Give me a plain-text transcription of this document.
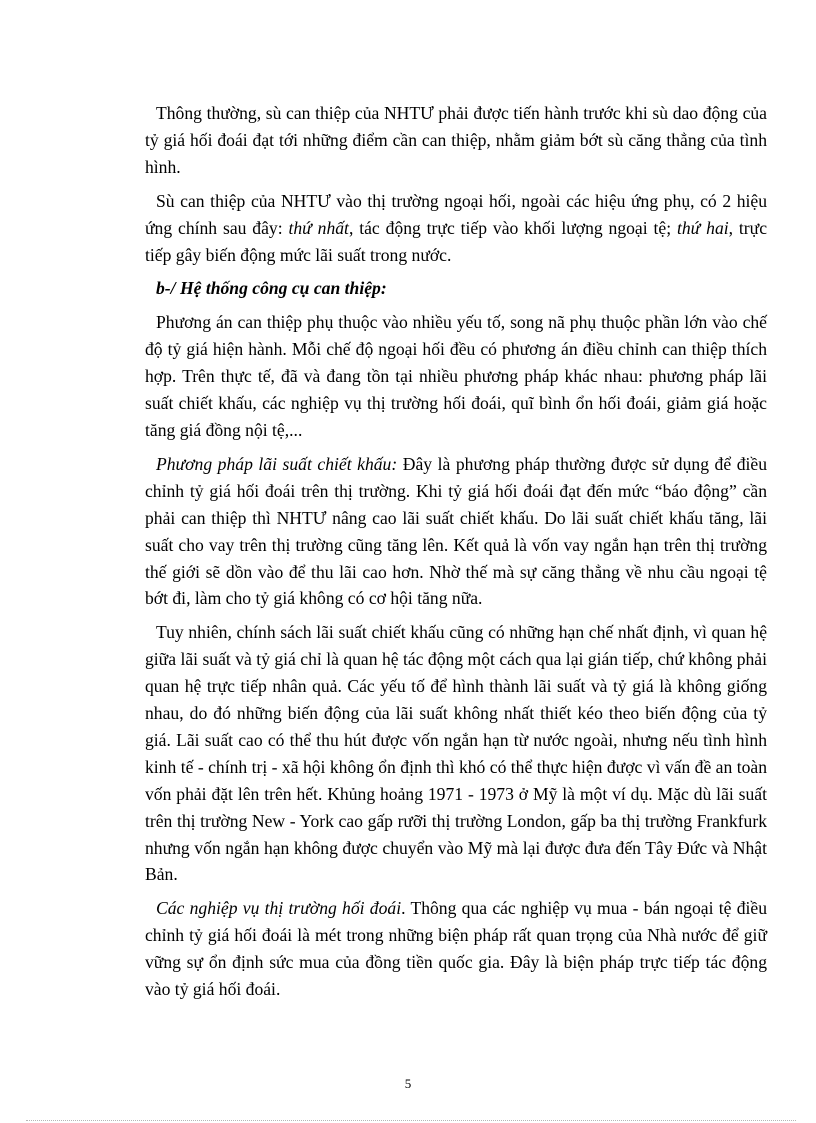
Thông thường, sù can thiệp của NHTƯ phải được tiến hành trước khi sù dao động của tỷ giá hối đoái đạt tới những điểm cần can thiệp, nhằm giảm bớt sù căng thẳng của tình hình.

Sù can thiệp của NHTƯ vào thị trường ngoại hối, ngoài các hiệu ứng phụ, có 2 hiệu ứng chính sau đây: thứ nhất, tác động trực tiếp vào khối lượng ngoại tệ; thứ hai, trực tiếp gây biến động mức lãi suất trong nước.

b-/ Hệ thống công cụ can thiệp:

Phương án can thiệp phụ thuộc vào nhiều yếu tố, song nã phụ thuộc phần lớn vào chế độ tỷ giá hiện hành. Mỗi chế độ ngoại hối đều có phương án điều chỉnh can thiệp thích hợp. Trên thực tế, đã và đang tồn tại nhiều phương pháp khác nhau: phương pháp lãi suất chiết khấu, các nghiệp vụ thị trường hối đoái, quĩ bình ổn hối đoái, giảm giá hoặc tăng giá đồng nội tệ,...

Phương pháp lãi suất chiết khấu: Đây là phương pháp thường được sử dụng để điều chỉnh tỷ giá hối đoái trên thị trường. Khi tỷ giá hối đoái đạt đến mức “báo động” cần phải can thiệp thì NHTƯ nâng cao lãi suất chiết khấu. Do lãi suất chiết khấu tăng, lãi suất cho vay trên thị trường cũng tăng lên. Kết quả là vốn vay ngắn hạn trên thị trường thế giới sẽ dồn vào để thu lãi cao hơn. Nhờ thế mà sự căng thẳng về nhu cầu ngoại tệ bớt đi, làm cho tỷ giá không có cơ hội tăng nữa.

Tuy nhiên, chính sách lãi suất chiết khấu cũng có những hạn chế nhất định, vì quan hệ giữa lãi suất và tỷ giá chỉ là quan hệ tác động một cách qua lại gián tiếp, chứ không phải quan hệ trực tiếp nhân quả. Các yếu tố để hình thành lãi suất và tỷ giá là không giống nhau, do đó những biến động của lãi suất không nhất thiết kéo theo biến động của tỷ giá. Lãi suất cao có thể thu hút được vốn ngắn hạn từ nước ngoài, nhưng nếu tình hình kinh tế - chính trị - xã hội không ổn định thì khó có thể thực hiện được vì vấn đề an toàn vốn phải đặt lên trên hết. Khủng hoảng 1971 - 1973 ở Mỹ là một ví dụ. Mặc dù lãi suất trên thị trường New - York cao gấp rưỡi thị trường London, gấp ba thị trường Frankfurk nhưng vốn ngắn hạn không được chuyển vào Mỹ mà lại được đưa đến Tây Đức và Nhật Bản.

Các nghiệp vụ thị trường hối đoái. Thông qua các nghiệp vụ mua - bán ngoại tệ điều chỉnh tỷ giá hối đoái là mét trong những biện pháp rất quan trọng của Nhà nước để giữ vững sự ổn định sức mua của đồng tiền quốc gia. Đây là biện pháp trực tiếp tác động vào tỷ giá hối đoái.

5
